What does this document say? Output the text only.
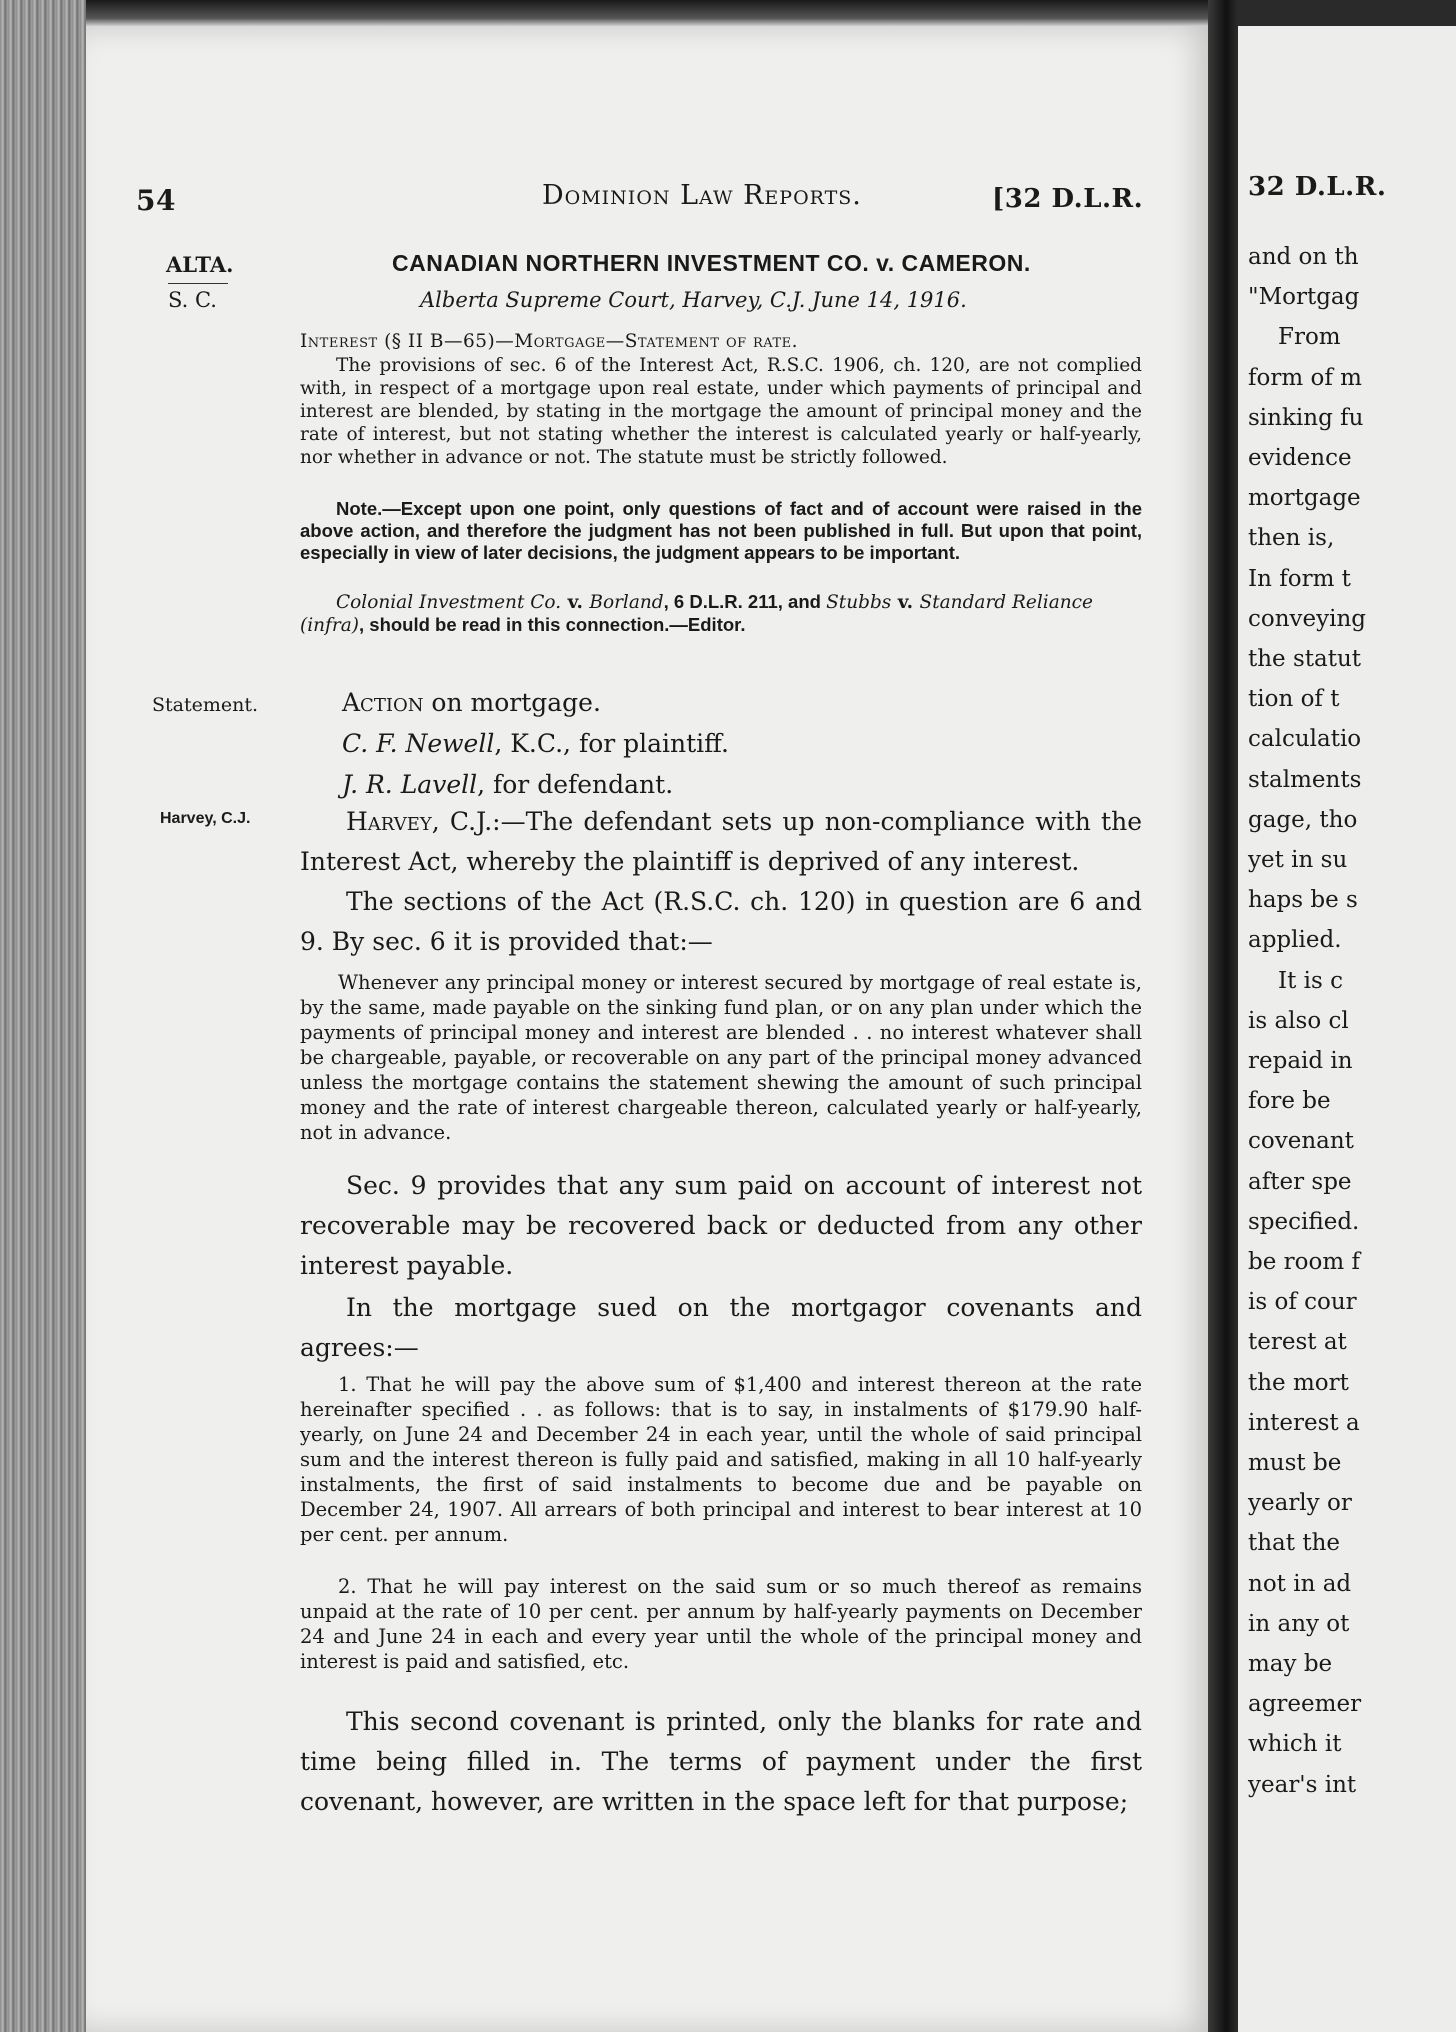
54	Dominion Law Reports.	[32 D.L.R.
ALTA.
S. C.
Statement.
Harvey, C.J.
CANADIAN NORTHERN INVESTMENT CO. v. CAMERON.
Alberta Supreme Court, Harvey, C.J. June 14, 1916.
Interest (§ II B—65)—Mortgage—Statement of rate.
The provisions of sec. 6 of the Interest Act, R.S.C. 1906, ch. 120, are not complied with, in respect of a mortgage upon real estate, under which payments of principal and interest are blended, by stating in the mortgage the amount of principal money and the rate of interest, but not stating whether the interest is calculated yearly or half-yearly, nor whether in advance or not. The statute must be strictly followed.
Note.—Except upon one point, only questions of fact and of account were raised in the above action, and therefore the judgment has not been published in full. But upon that point, especially in view of later decisions, the judgment appears to be important.
Colonial Investment Co. v. Borland, 6 D.L.R. 211, and Stubbs v. Standard Reliance (infra), should be read in this connection.—Editor.
Action on mortgage.
C. F. Newell, K.C., for plaintiff.
J. R. Lavell, for defendant.
Harvey, C.J.:—The defendant sets up non-compliance with the Interest Act, whereby the plaintiff is deprived of any interest.
The sections of the Act (R.S.C. ch. 120) in question are 6 and 9. By sec. 6 it is provided that:—
Whenever any principal money or interest secured by mortgage of real estate is, by the same, made payable on the sinking fund plan, or on any plan under which the payments of principal money and interest are blended . . no interest whatever shall be chargeable, payable, or recoverable on any part of the principal money advanced unless the mortgage contains the statement shewing the amount of such principal money and the rate of interest chargeable thereon, calculated yearly or half-yearly, not in advance.
Sec. 9 provides that any sum paid on account of interest not recoverable may be recovered back or deducted from any other interest payable.
In the mortgage sued on the mortgagor covenants and agrees:—
1. That he will pay the above sum of $1,400 and interest thereon at the rate hereinafter specified . . as follows: that is to say, in instalments of $179.90 half-yearly, on June 24 and December 24 in each year, until the whole of said principal sum and the interest thereon is fully paid and satisfied, making in all 10 half-yearly instalments, the first of said instalments to become due and be payable on December 24, 1907. All arrears of both principal and interest to bear interest at 10 per cent. per annum.
2. That he will pay interest on the said sum or so much thereof as remains unpaid at the rate of 10 per cent. per annum by half-yearly payments on December 24 and June 24 in each and every year until the whole of the principal money and interest is paid and satisfied, etc.
This second covenant is printed, only the blanks for rate and time being filled in. The terms of payment under the first covenant, however, are written in the space left for that purpose;
32 D.L.R.
and on th
"Mortgag
From
form of m
sinking fu
evidence
mortgage
then is,
In form t
conveying
the statut
tion of t
calculatio
stalments
gage, tho
yet in su
haps be s
applied.
It is c
is also cl
repaid in
fore be
covenant
after spe
specified.
be room f
is of cour
terest at
the mort
interest a
must be
yearly or
that the
not in ad
in any ot
may be
agreemer
which it
year's int
